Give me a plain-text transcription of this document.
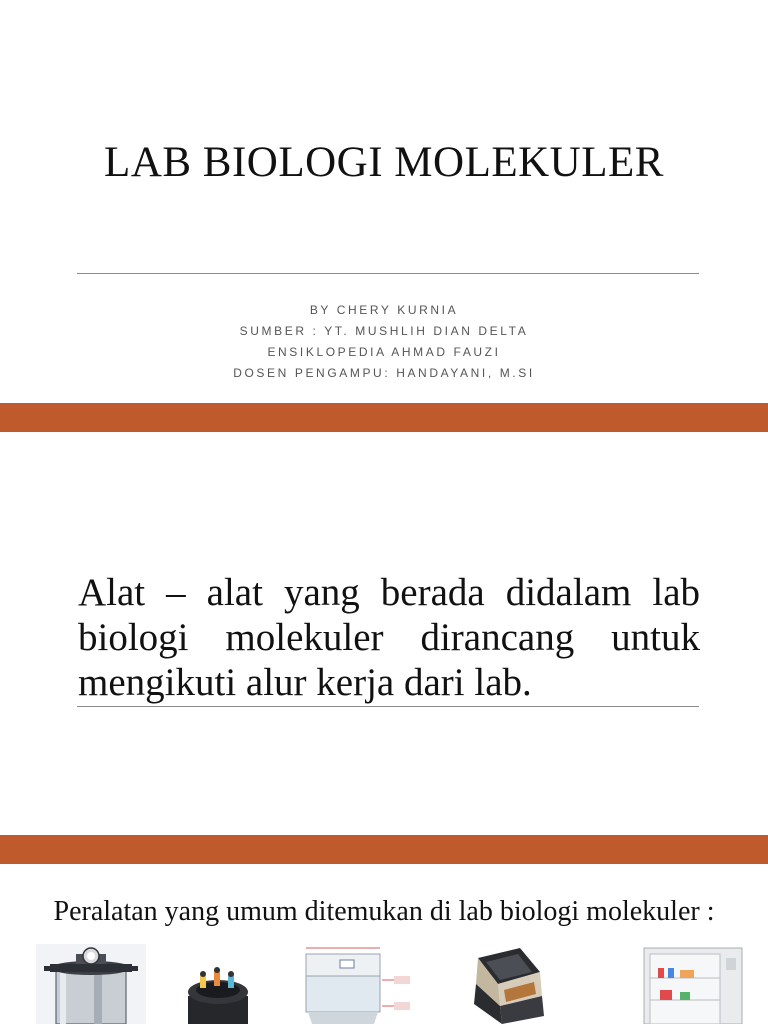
LAB BIOLOGI MOLEKULER
BY CHERY KURNIA
SUMBER : YT. MUSHLIH DIAN DELTA
ENSIKLOPEDIA AHMAD FAUZI
DOSEN PENGAMPU: HANDAYANI, M.SI
Alat – alat yang berada didalam lab biologi molekuler dirancang untuk mengikuti alur kerja dari lab.
Peralatan yang umum ditemukan di lab biologi molekuler :
